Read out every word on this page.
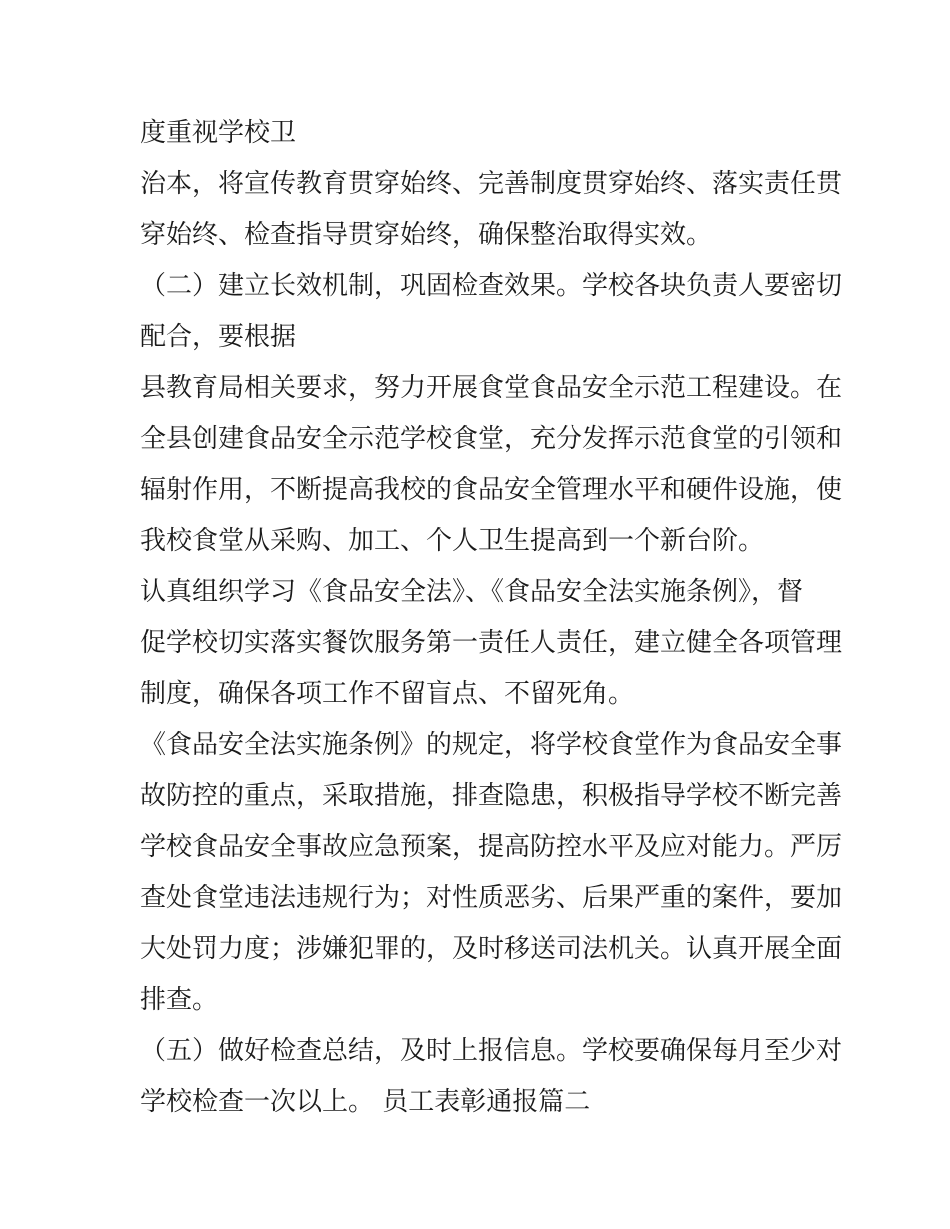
度重视学校卫

治本，将宣传教育贯穿始终、完善制度贯穿始终、落实责任贯

穿始终、检查指导贯穿始终，确保整治取得实效。

（二）建立长效机制，巩固检查效果。学校各块负责人要密切

配合，要根据

县教育局相关要求，努力开展食堂食品安全示范工程建设。在

全县创建食品安全示范学校食堂，充分发挥示范食堂的引领和

辐射作用，不断提高我校的食品安全管理水平和硬件设施，使

我校食堂从采购、加工、个人卫生提高到一个新台阶。

认真组织学习《食品安全法》、《食品安全法实施条例》，督

促学校切实落实餐饮服务第一责任人责任，建立健全各项管理

制度，确保各项工作不留盲点、不留死角。

《食品安全法实施条例》的规定，将学校食堂作为食品安全事

故防控的重点，采取措施，排查隐患，积极指导学校不断完善

学校食品安全事故应急预案，提高防控水平及应对能力。严厉

查处食堂违法违规行为；对性质恶劣、后果严重的案件，要加

大处罚力度；涉嫌犯罪的，及时移送司法机关。认真开展全面

排查。

（五）做好检查总结，及时上报信息。学校要确保每月至少对

学校检查一次以上。 员工表彰通报篇二
